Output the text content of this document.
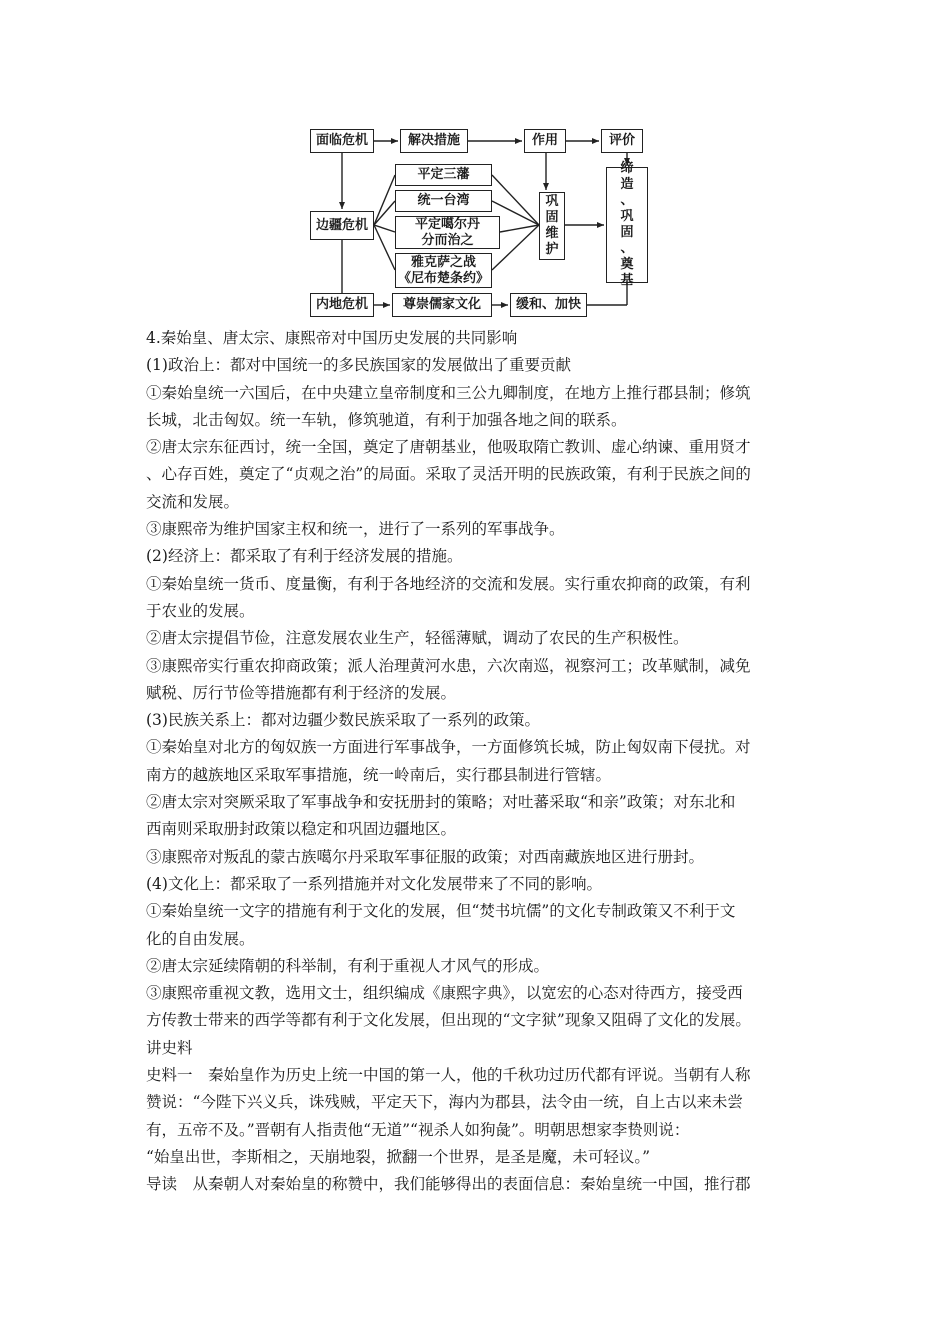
面临危机	解决措施	作用	评价
边疆危机
内地危机
平定三藩
统一台湾
平定噶尔丹
分而治之
雅克萨之战
《尼布楚条约》
尊崇儒家文化	缓和、加快
巩
固
维
护
缔
造
、
巩
固
、
奠
基

4.秦始皇、唐太宗、康熙帝对中国历史发展的共同影响

(1)政治上：都对中国统一的多民族国家的发展做出了重要贡献

①秦始皇统一六国后，在中央建立皇帝制度和三公九卿制度，在地方上推行郡县制；修筑

长城，北击匈奴。统一车轨，修筑驰道，有利于加强各地之间的联系。

②唐太宗东征西讨，统一全国，奠定了唐朝基业，他吸取隋亡教训、虚心纳谏、重用贤才

、心存百姓，奠定了“贞观之治”的局面。采取了灵活开明的民族政策，有利于民族之间的

交流和发展。

③康熙帝为维护国家主权和统一，进行了一系列的军事战争。

(2)经济上：都采取了有利于经济发展的措施。

①秦始皇统一货币、度量衡，有利于各地经济的交流和发展。实行重农抑商的政策，有利

于农业的发展。

②唐太宗提倡节俭，注意发展农业生产，轻徭薄赋，调动了农民的生产积极性。

③康熙帝实行重农抑商政策；派人治理黄河水患，六次南巡，视察河工；改革赋制，减免

赋税、厉行节俭等措施都有利于经济的发展。

(3)民族关系上：都对边疆少数民族采取了一系列的政策。

①秦始皇对北方的匈奴族一方面进行军事战争，一方面修筑长城，防止匈奴南下侵扰。对

南方的越族地区采取军事措施，统一岭南后，实行郡县制进行管辖。

②唐太宗对突厥采取了军事战争和安抚册封的策略；对吐蕃采取“和亲”政策；对东北和

西南则采取册封政策以稳定和巩固边疆地区。

③康熙帝对叛乱的蒙古族噶尔丹采取军事征服的政策；对西南藏族地区进行册封。

(4)文化上：都采取了一系列措施并对文化发展带来了不同的影响。

①秦始皇统一文字的措施有利于文化的发展，但“焚书坑儒”的文化专制政策又不利于文

化的自由发展。

②唐太宗延续隋朝的科举制，有利于重视人才风气的形成。

③康熙帝重视文教，选用文士，组织编成《康熙字典》，以宽宏的心态对待西方，接受西

方传教士带来的西学等都有利于文化发展，但出现的“文字狱”现象又阻碍了文化的发展。

讲史料

史料一　秦始皇作为历史上统一中国的第一人，他的千秋功过历代都有评说。当朝有人称

赞说：“今陛下兴义兵，诛残贼，平定天下，海内为郡县，法令由一统，自上古以来未尝

有，五帝不及。”晋朝有人指责他“无道”“视杀人如狗彘”。明朝思想家李贽则说：

“始皇出世，李斯相之，天崩地裂，掀翻一个世界，是圣是魔，未可轻议。”

导读　从秦朝人对秦始皇的称赞中，我们能够得出的表面信息：秦始皇统一中国，推行郡
